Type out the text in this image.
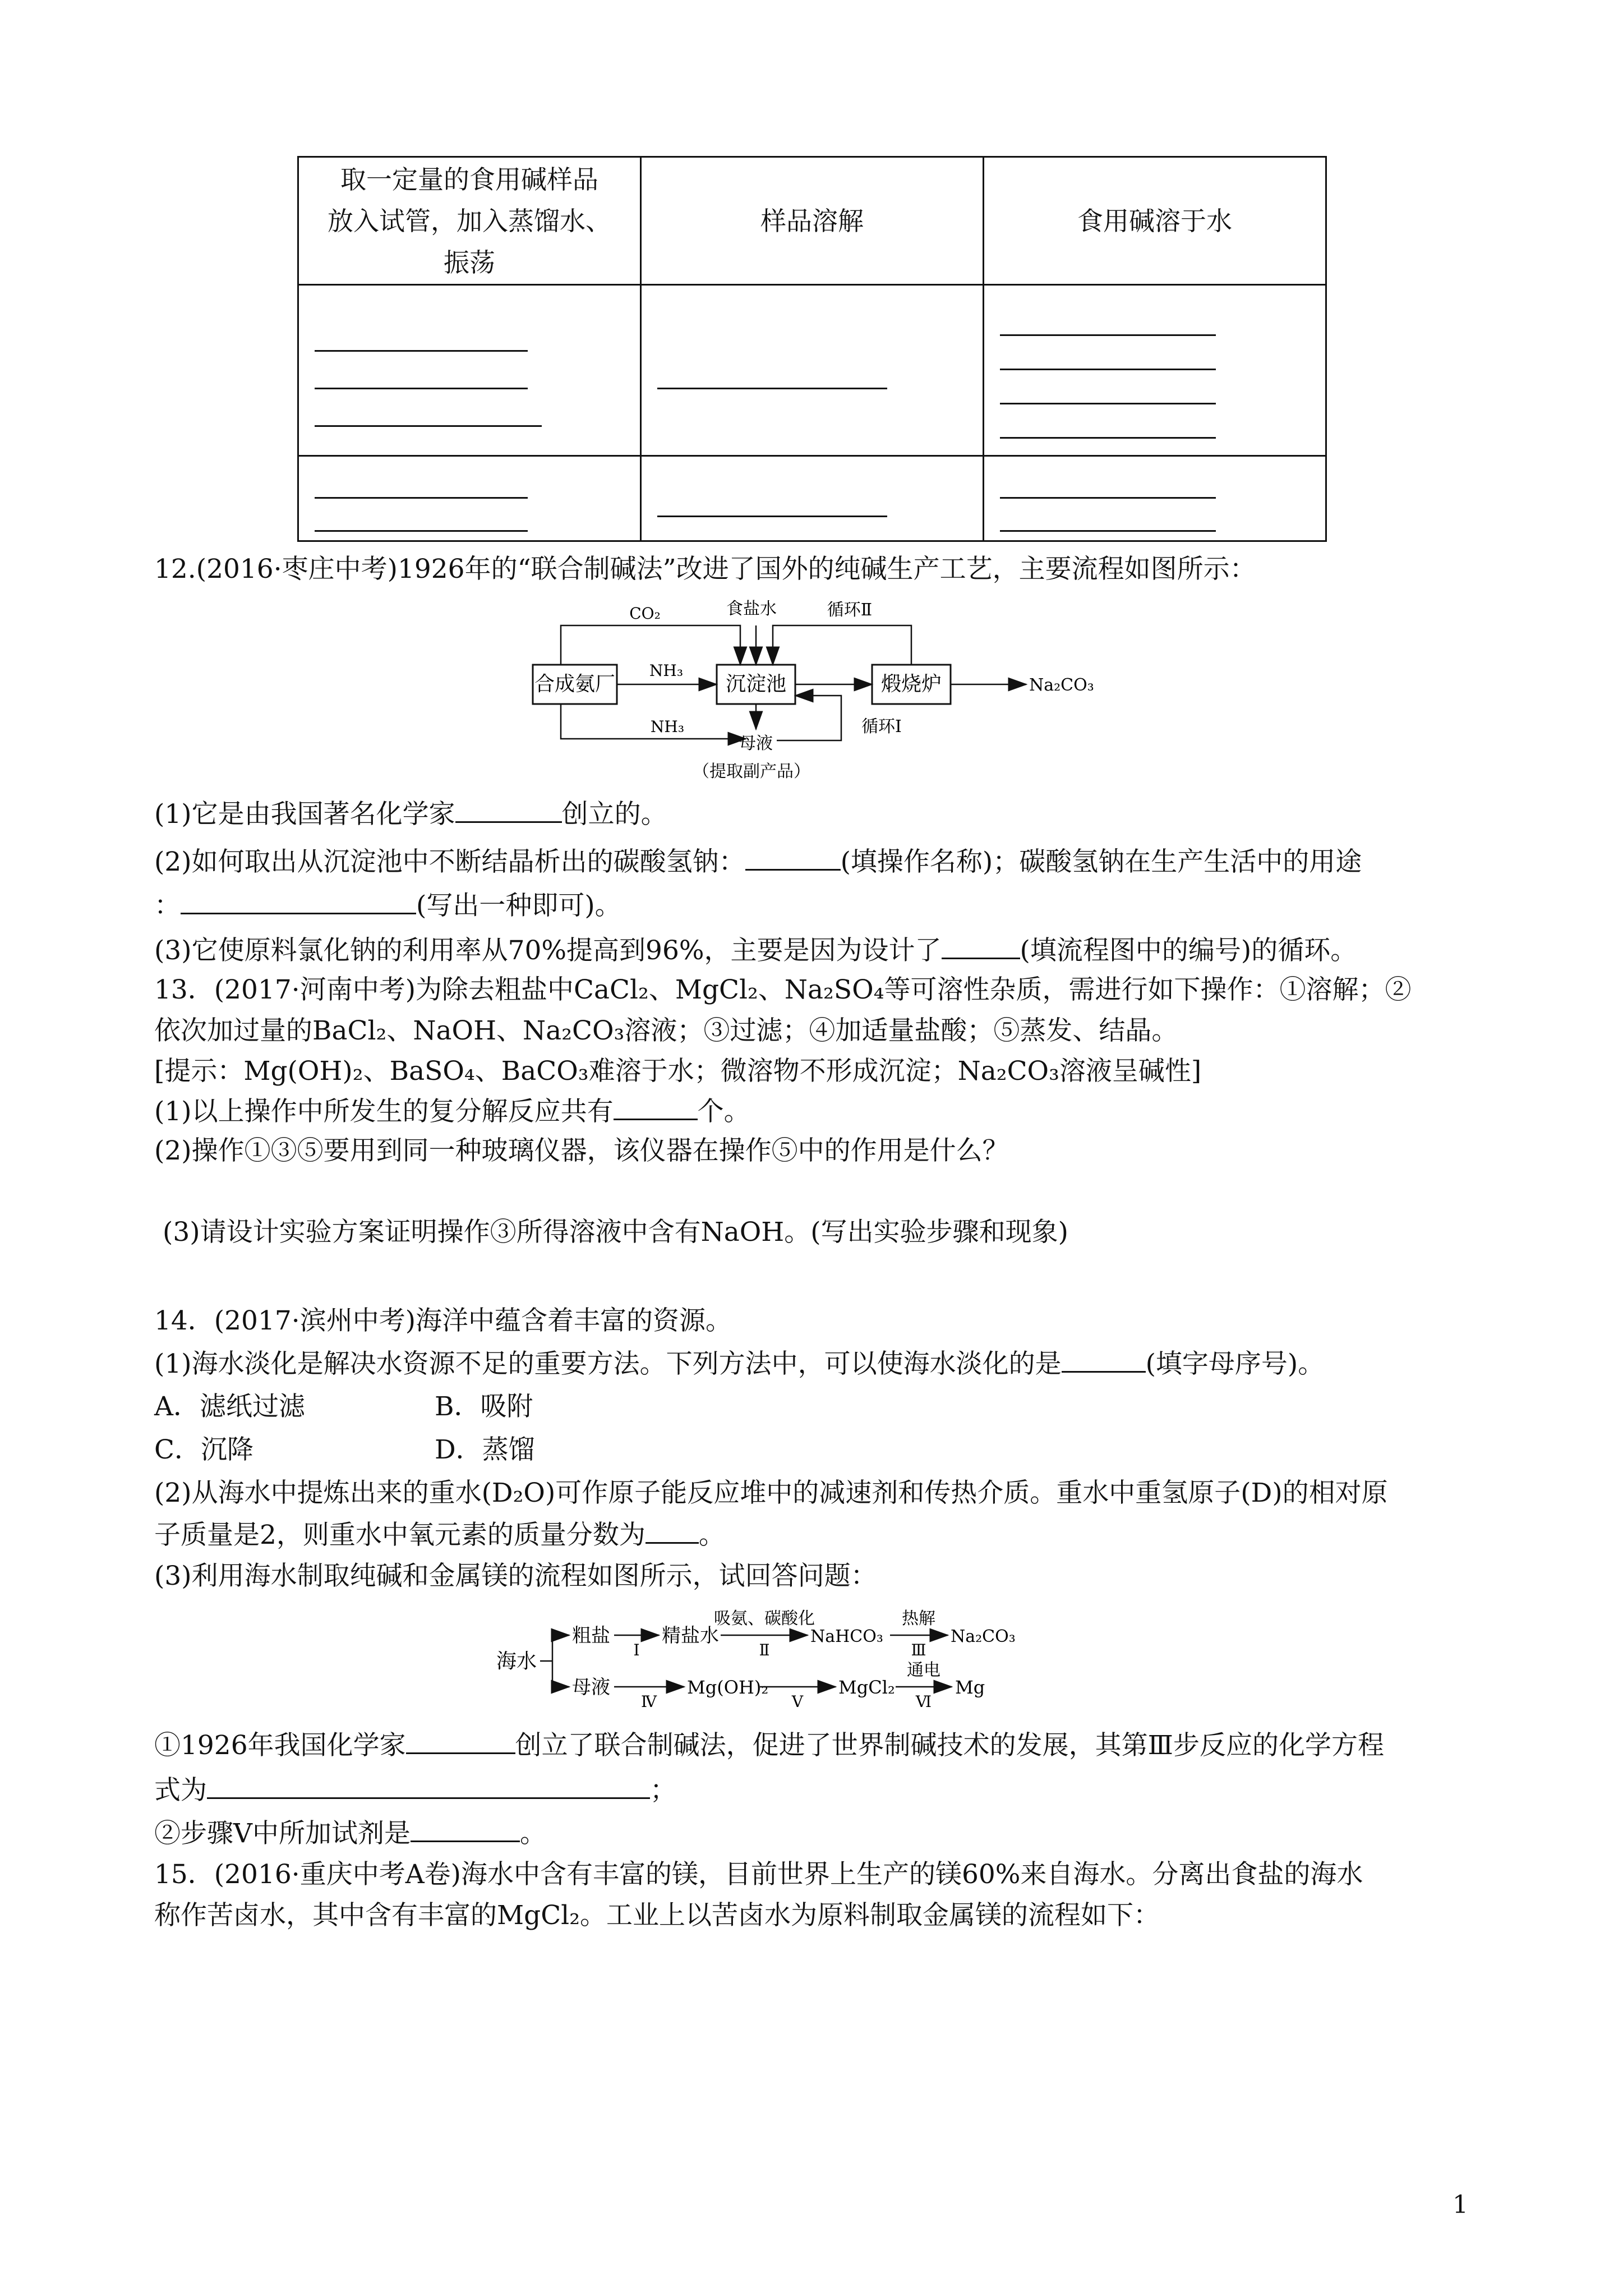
取一定量的食用碱样品
放入试管，加入蒸馏水、
振荡	样品溶解	食用碱溶于水

12.(2016·枣庄中考)1926年的“联合制碱法”改进了国外的纯碱生产工艺，主要流程如图所示：
合成氨厂	沉淀池	煅烧炉
CO₂	食盐水	循环Ⅱ
NH₃
Na₂CO₃
NH₃
母液
循环Ⅰ
（提取副产品）
(1)它是由我国著名化学家	创立的。
(2)如何取出从沉淀池中不断结晶析出的碳酸氢钠：	(填操作名称)；碳酸氢钠在生产生活中的用途
：	(写出一种即可)。
(3)它使原料氯化钠的利用率从70%提高到96%，主要是因为设计了	(填流程图中的编号)的循环。
13．(2017·河南中考)为除去粗盐中CaCl₂、MgCl₂、Na₂SO₄等可溶性杂质，需进行如下操作：①溶解；②
依次加过量的BaCl₂、NaOH、Na₂CO₃溶液；③过滤；④加适量盐酸；⑤蒸发、结晶。
[提示：Mg(OH)₂、BaSO₄、BaCO₃难溶于水；微溶物不形成沉淀；Na₂CO₃溶液呈碱性]
(1)以上操作中所发生的复分解反应共有	个。
(2)操作①③⑤要用到同一种玻璃仪器，该仪器在操作⑤中的作用是什么？
(3)请设计实验方案证明操作③所得溶液中含有NaOH。(写出实验步骤和现象)
14．(2017·滨州中考)海洋中蕴含着丰富的资源。
(1)海水淡化是解决水资源不足的重要方法。下列方法中，可以使海水淡化的是	(填字母序号)。
A．滤纸过滤	B．吸附
C．沉降	D．蒸馏
(2)从海水中提炼出来的重水(D₂O)可作原子能反应堆中的减速剂和传热介质。重水中重氢原子(D)的相对原
子质量是2，则重水中氧元素的质量分数为 。
(3)利用海水制取纯碱和金属镁的流程如图所示，试回答问题：
海水
粗盐
Ⅰ
精盐水
吸氨、碳酸化
Ⅱ
NaHCO₃
热解
Ⅲ
Na₂CO₃
母液
Ⅳ
Mg(OH)₂
Ⅴ
MgCl₂
通电
Ⅵ
Mg
①1926年我国化学家	创立了联合制碱法，促进了世界制碱技术的发展，其第Ⅲ步反应的化学方程
式为	；
②步骤Ⅴ中所加试剂是	。
15．(2016·重庆中考A卷)海水中含有丰富的镁，目前世界上生产的镁60%来自海水。分离出食盐的海水
称作苦卤水，其中含有丰富的MgCl₂。工业上以苦卤水为原料制取金属镁的流程如下：
1
